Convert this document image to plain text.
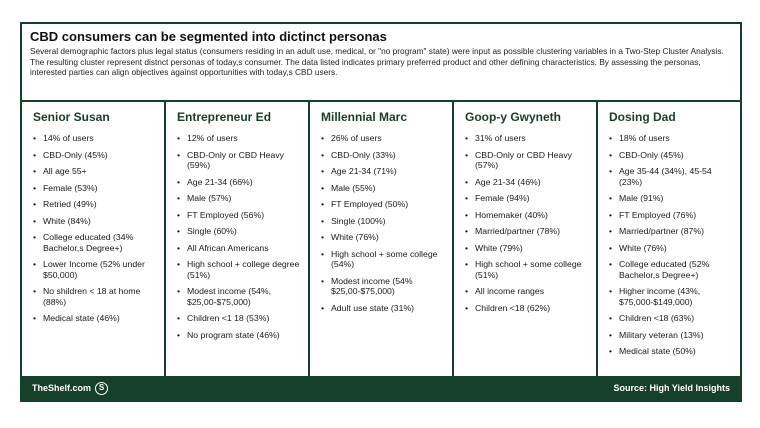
CBD consumers can be segmented into dictinct personas
Several demographic factors plus legal status (consumers residing in an adult use, medical, or "no program" state) were input as possible clustering variables in a Two-Step Cluster Analysis. The resulting cluster represent distnct personas of today,s consumer. The data listed indicates primary preferred product and other defining characteristics. By assessing the personas, interested parties can align objectives against opportunities with today,s CBD users.
Senior Susan
• 14% of users
• CBD-Only (45%)
• All age 55+
• Female (53%)
• Retried (49%)
• White (84%)
• College educated (34% Bachelor,s Degree+)
• Lower Income (52% under $50,000)
• No shildren < 18 at home (88%)
• Medical state (46%)
Entrepreneur Ed
• 12% of users
• CBD-Only or CBD Heavy (59%)
• Age 21-34 (66%)
• Male (57%)
• FT Employed (56%)
• Single (60%)
• All African Americans
• High school + college degree (51%)
• Modest income (54%, $25,00-$75,000)
• Children <1 18 (53%)
• No program state (46%)
Millennial Marc
• 26% of users
• CBD-Only (33%)
• Age 21-34 (71%)
• Male (55%)
• FT Employed (50%)
• Single (100%)
• White (76%)
• High school + some college (54%)
• Modest income (54% $25,00-$75,000)
• Adult use state (31%)
Goop-y Gwyneth
• 31% of users
• CBD-Only or CBD Heavy (57%)
• Age 21-34 (46%)
• Female (94%)
• Homemaker (40%)
• Married/partner (78%)
• White (79%)
• High school + some college (51%)
• All income ranges
• Children <18 (62%)
Dosing Dad
• 18% of users
• CBD-Only (45%)
• Age 35-44 (34%), 45-54 (23%)
• Male (91%)
• FT Employed (76%)
• Married/partner (87%)
• White (76%)
• College educated (52% Bachelor,s Degree+)
• Higher income (43%, $75,000-$149,000)
• Children <18 (63%)
• Military veteran (13%)
• Medical state (50%)
TheShelf.com S	Source: High Yield Insights
